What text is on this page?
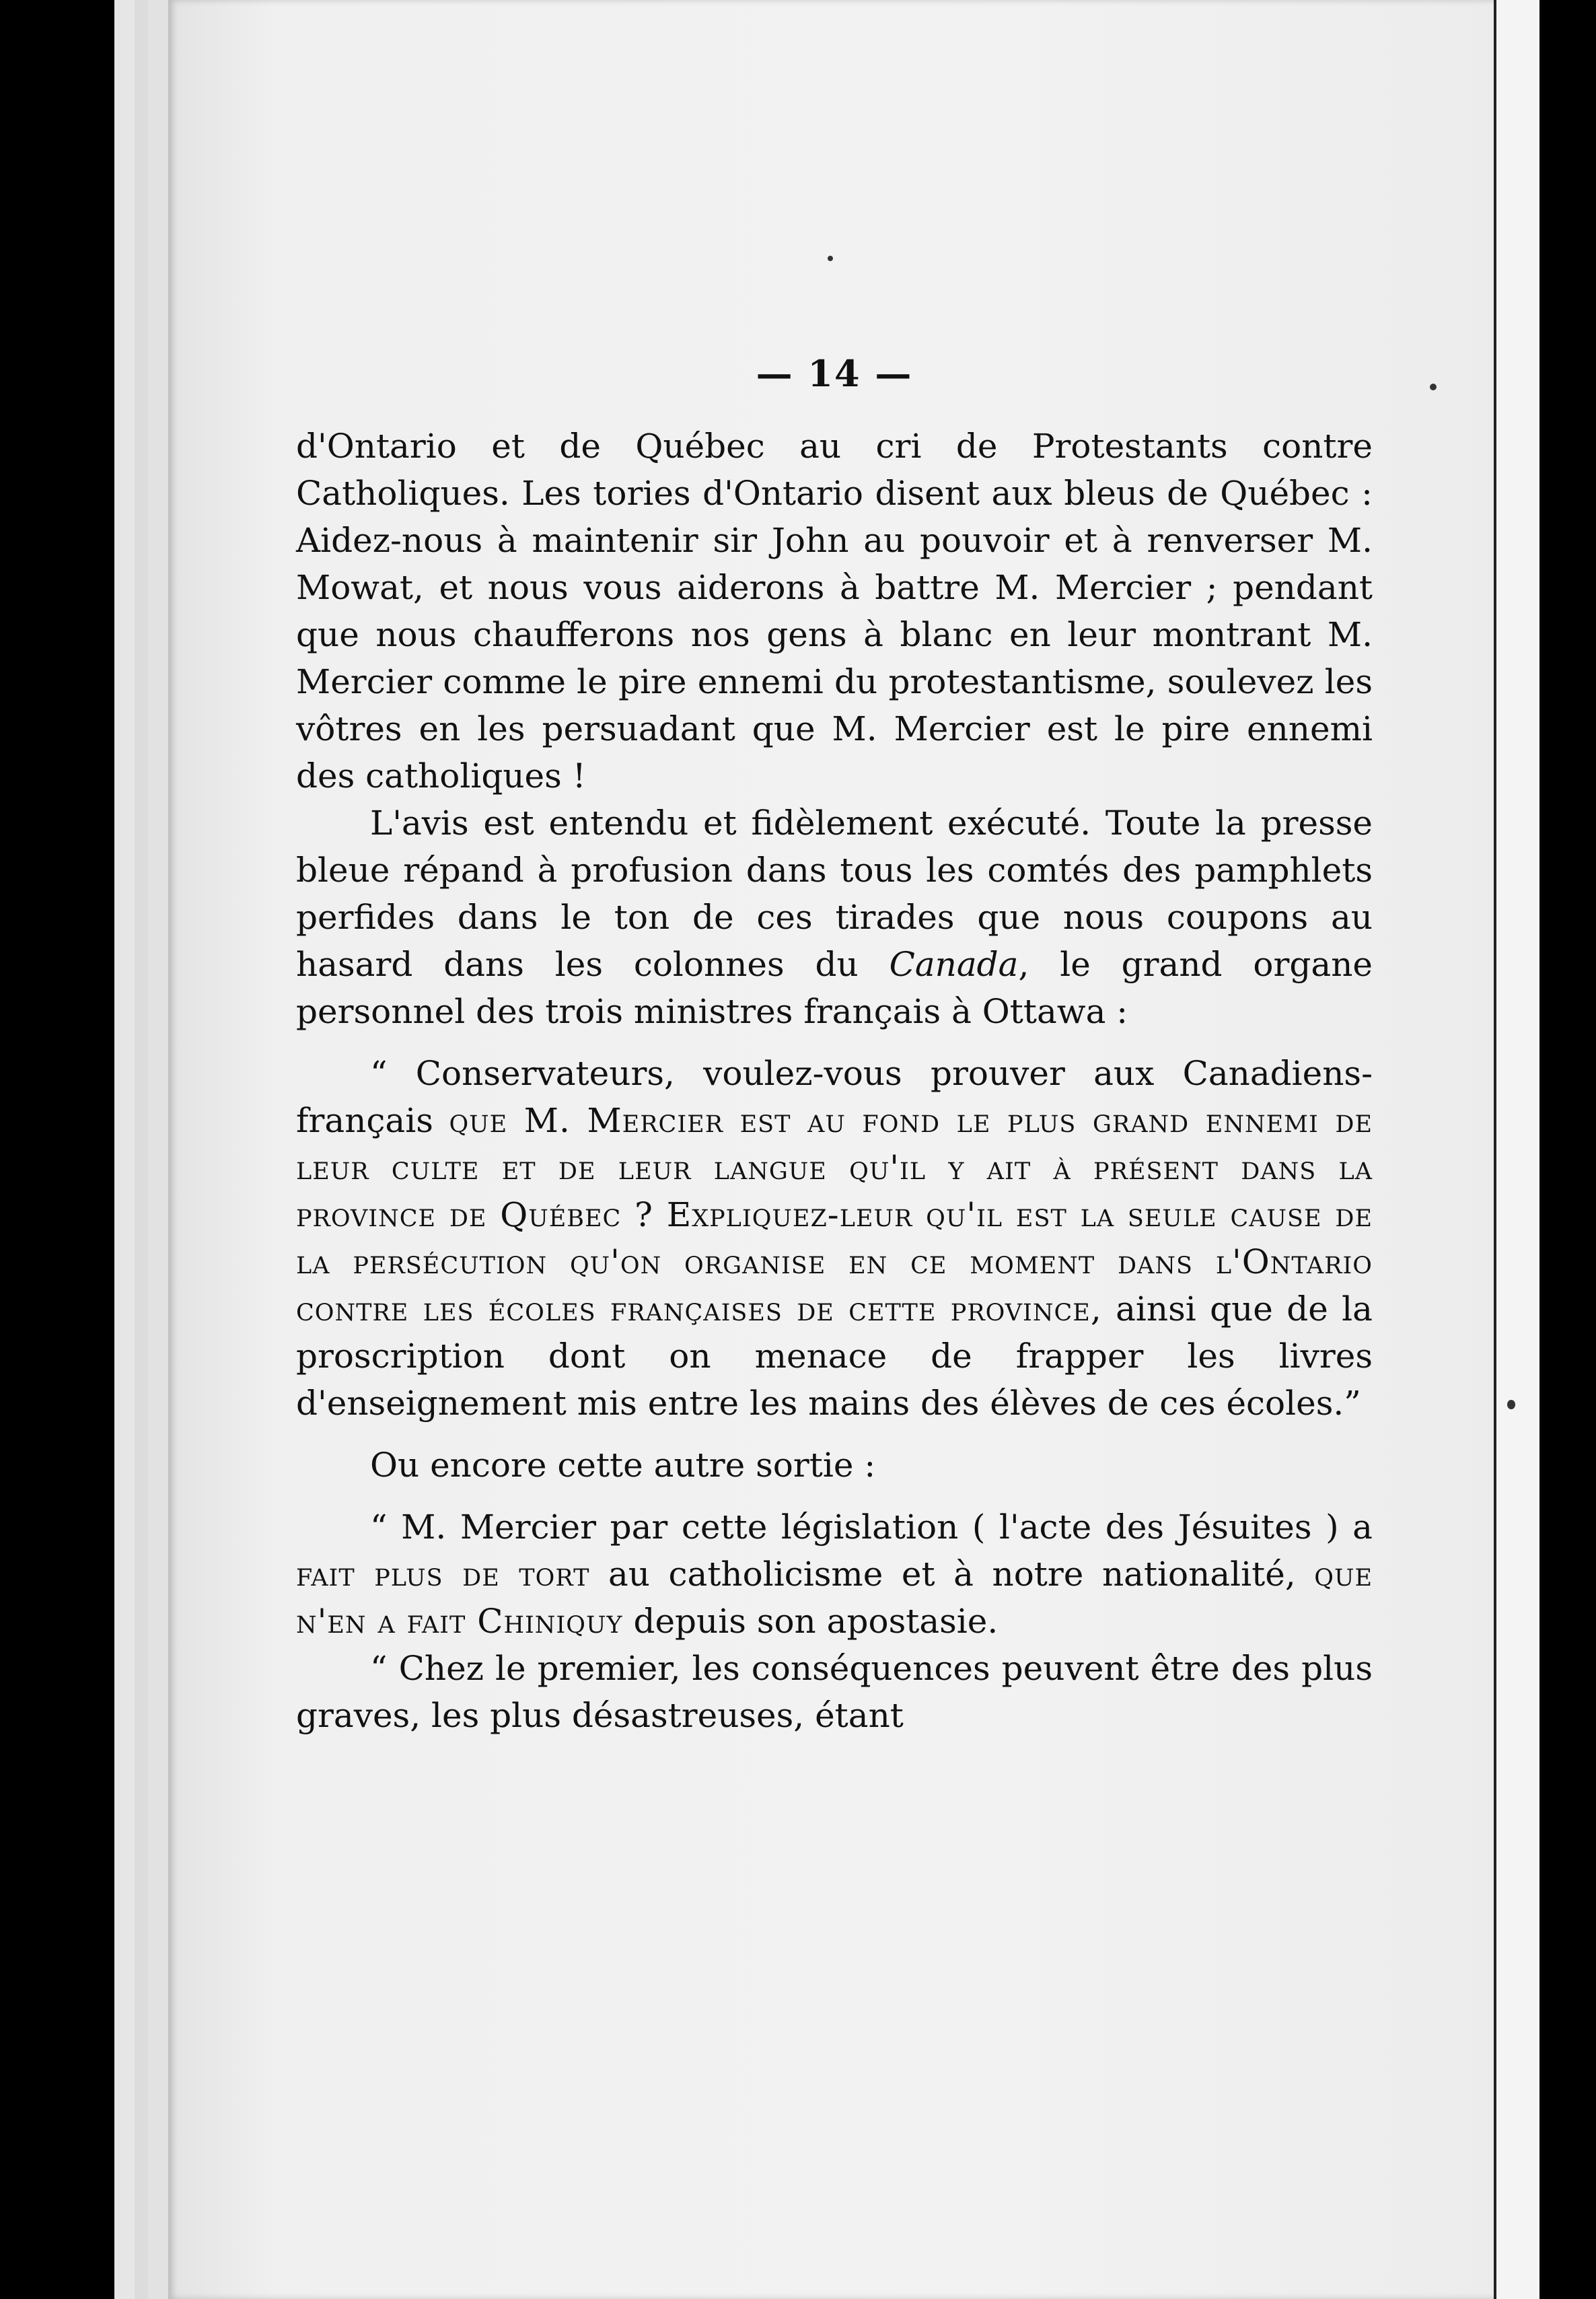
— 14 —

d'Ontario et de Québec au cri de Protestants contre Catholiques. Les tories d'Ontario disent aux bleus de Québec : Aidez-nous à maintenir sir John au pouvoir et à renverser M. Mowat, et nous vous aiderons à battre M. Mercier ; pendant que nous chaufferons nos gens à blanc en leur montrant M. Mercier comme le pire ennemi du protestantisme, soulevez les vôtres en les persuadant que M. Mercier est le pire ennemi des catholiques !

L'avis est entendu et fidèlement exécuté. Toute la presse bleue répand à profusion dans tous les comtés des pamphlets perfides dans le ton de ces tirades que nous coupons au hasard dans les colonnes du Canada, le grand organe personnel des trois ministres français à Ottawa :

“ Conservateurs, voulez-vous prouver aux Canadiens-français que M. Mercier est au fond le plus grand ennemi de leur culte et de leur langue qu'il y ait à présent dans la province de Québec ? Expliquez-leur qu'il est la seule cause de la persécution qu'on organise en ce moment dans l'Ontario contre les écoles françaises de cette province, ainsi que de la proscription dont on menace de frapper les livres d'enseignement mis entre les mains des élèves de ces écoles.”

Ou encore cette autre sortie :

“ M. Mercier par cette législation ( l'acte des Jésuites ) a fait plus de tort au catholicisme et à notre nationalité, que n'en a fait Chiniquy depuis son apostasie.

“ Chez le premier, les conséquences peuvent être des plus graves, les plus désastreuses, étant
